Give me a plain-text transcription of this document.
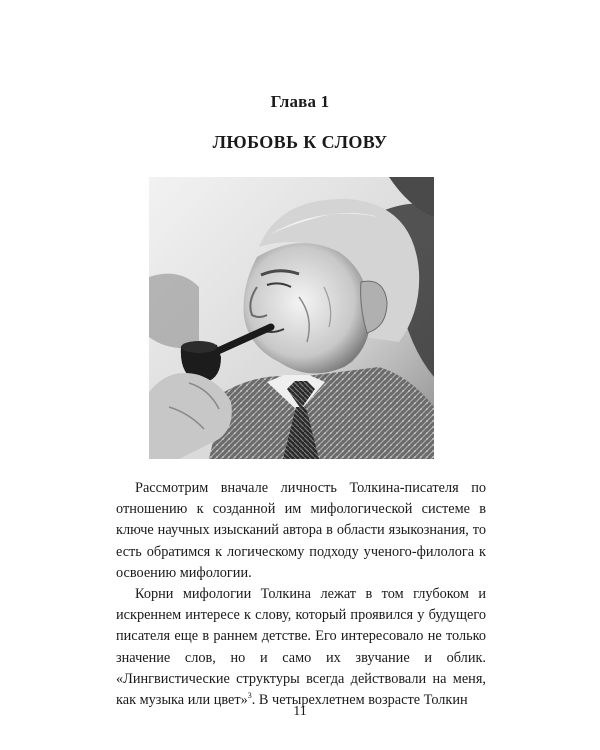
Глава 1
ЛЮБОВЬ К СЛОВУ

Рассмотрим вначале личность Толкина-писателя по отношению к созданной им мифологической системе в ключе научных изысканий автора в области языкознания, то есть обратимся к логическому подходу ученого-филолога к освоению мифологии.

Корни мифологии Толкина лежат в том глубоком и искреннем интересе к слову, который проявился у будущего писателя еще в раннем детстве. Его интересовало не только значение слов, но и само их звучание и облик. «Лингвистические структуры всегда действовали на меня, как музыка или цвет»$^3$. В четырехлетнем возрасте Толкин

11
